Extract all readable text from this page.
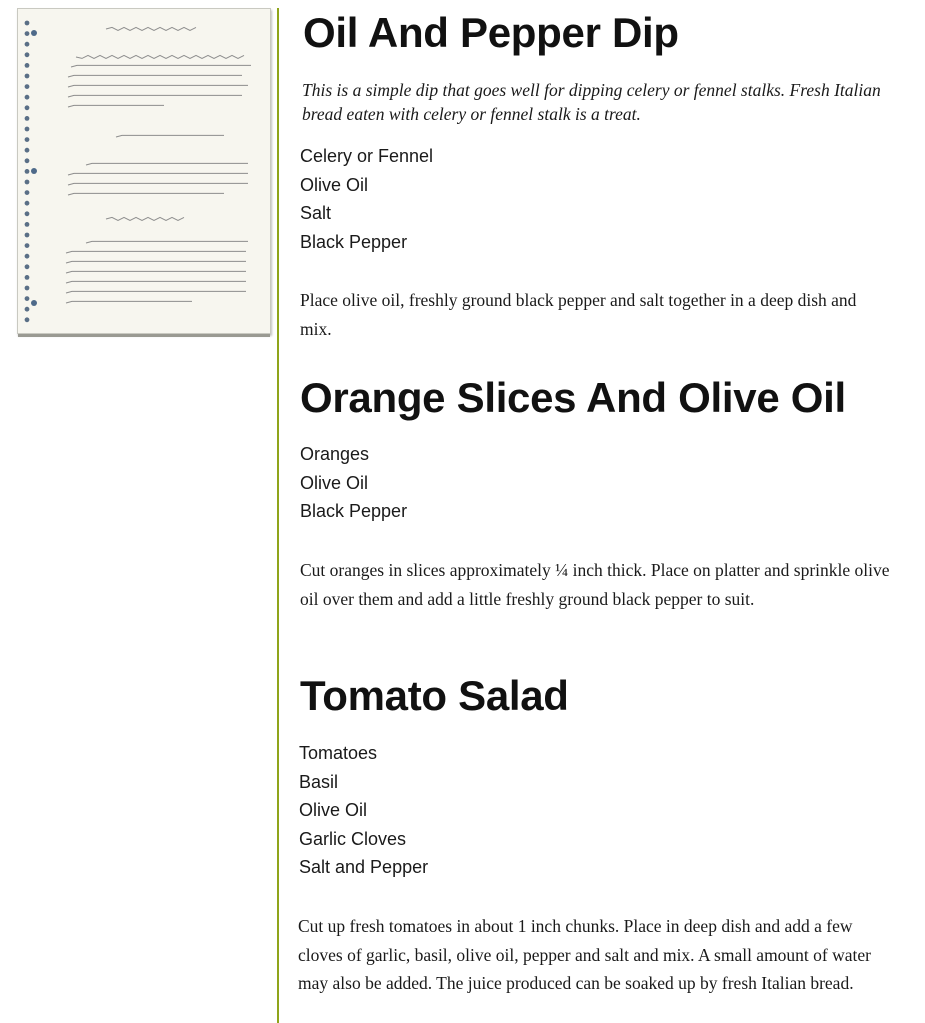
Oil And Pepper Dip

This is a simple dip that goes well for dipping celery or fennel stalks. Fresh Italian bread eaten with celery or fennel stalk is a treat.

Celery or Fennel
Olive Oil
Salt
Black Pepper

Place olive oil, freshly ground black pepper and salt together in a deep dish and mix.

Orange Slices And Olive Oil
Oranges
Olive Oil
Black Pepper

Cut oranges in slices approximately ¼ inch thick. Place on platter and sprinkle olive oil over them and add a little freshly ground black pepper to suit.

Tomato Salad
Tomatoes
Basil
Olive Oil
Garlic Cloves
Salt and Pepper

Cut up fresh tomatoes in about 1 inch chunks. Place in deep dish and add a few cloves of garlic, basil, olive oil, pepper and salt and mix. A small amount of water may also be added. The juice produced can be soaked up by fresh Italian bread.
